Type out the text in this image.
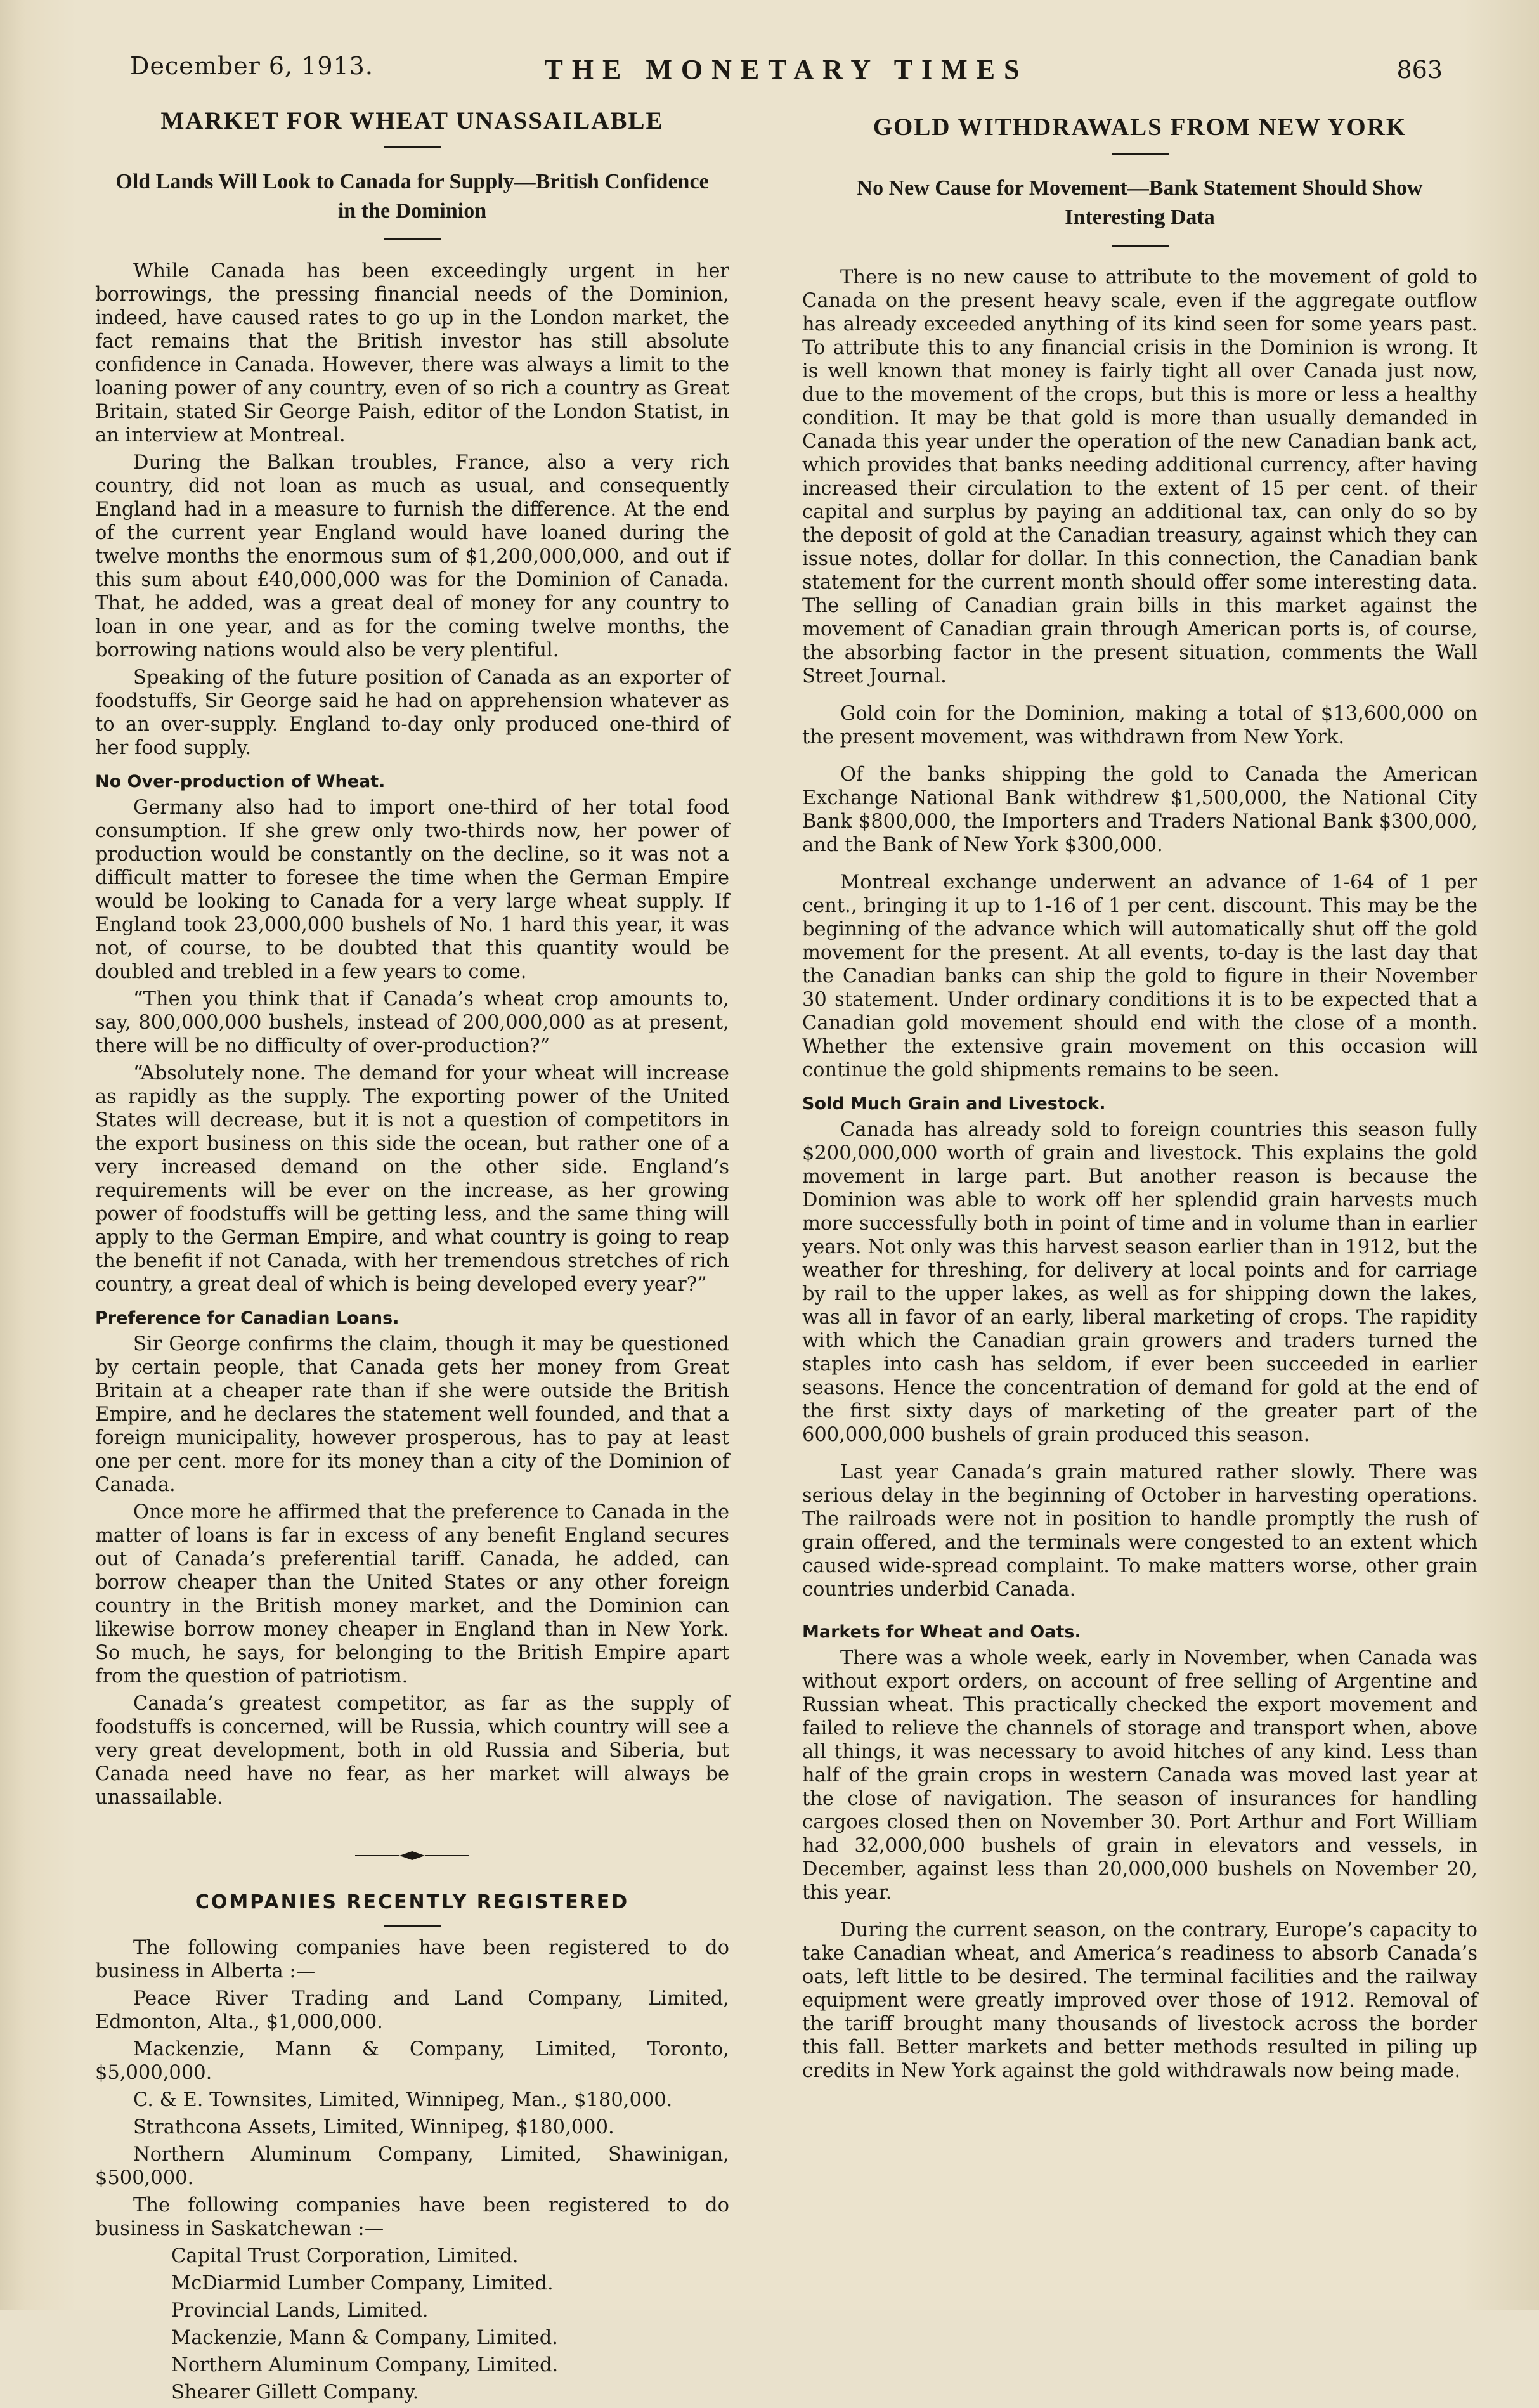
December 6, 1913.	THE MONETARY TIMES	863
MARKET FOR WHEAT UNASSAILABLE
Old Lands Will Look to Canada for Supply—British Confidence in the Dominion

While Canada has been exceedingly urgent in her borrowings, the pressing financial needs of the Dominion, indeed, have caused rates to go up in the London market, the fact remains that the British investor has still absolute confidence in Canada. However, there was always a limit to the loaning power of any country, even of so rich a country as Great Britain, stated Sir George Paish, editor of the London Statist, in an interview at Montreal.

During the Balkan troubles, France, also a very rich country, did not loan as much as usual, and consequently England had in a measure to furnish the difference. At the end of the current year England would have loaned during the twelve months the enormous sum of $1,200,000,000, and out if this sum about £40,000,000 was for the Dominion of Canada. That, he added, was a great deal of money for any country to loan in one year, and as for the coming twelve months, the borrowing nations would also be very plentiful.

Speaking of the future position of Canada as an exporter of foodstuffs, Sir George said he had on apprehension whatever as to an over-supply. England to-day only produced one-third of her food supply.

No Over-production of Wheat.

Germany also had to import one-third of her total food consumption. If she grew only two-thirds now, her power of production would be constantly on the decline, so it was not a difficult matter to foresee the time when the German Empire would be looking to Canada for a very large wheat supply. If England took 23,000,000 bushels of No. 1 hard this year, it was not, of course, to be doubted that this quantity would be doubled and trebled in a few years to come.

“Then you think that if Canada’s wheat crop amounts to, say, 800,000,000 bushels, instead of 200,000,000 as at present, there will be no difficulty of over-production?”

“Absolutely none. The demand for your wheat will increase as rapidly as the supply. The exporting power of the United States will decrease, but it is not a question of competitors in the export business on this side the ocean, but rather one of a very increased demand on the other side. England’s requirements will be ever on the increase, as her growing power of foodstuffs will be getting less, and the same thing will apply to the German Empire, and what country is going to reap the benefit if not Canada, with her tremendous stretches of rich country, a great deal of which is being developed every year?”

Preference for Canadian Loans.

Sir George confirms the claim, though it may be questioned by certain people, that Canada gets her money from Great Britain at a cheaper rate than if she were outside the British Empire, and he declares the statement well founded, and that a foreign municipality, however prosperous, has to pay at least one per cent. more for its money than a city of the Dominion of Canada.

Once more he affirmed that the preference to Canada in the matter of loans is far in excess of any benefit England secures out of Canada’s preferential tariff. Canada, he added, can borrow cheaper than the United States or any other foreign country in the British money market, and the Dominion can likewise borrow money cheaper in England than in New York. So much, he says, for belonging to the British Empire apart from the question of patriotism.

Canada’s greatest competitor, as far as the supply of foodstuffs is concerned, will be Russia, which country will see a very great development, both in old Russia and Siberia, but Canada need have no fear, as her market will always be unassailable.

COMPANIES RECENTLY REGISTERED

The following companies have been registered to do business in Alberta :—

Peace River Trading and Land Company, Limited, Edmonton, Alta., $1,000,000.

Mackenzie, Mann & Company, Limited, Toronto, $5,000,000.

C. & E. Townsites, Limited, Winnipeg, Man., $180,000.

Strathcona Assets, Limited, Winnipeg, $180,000.

Northern Aluminum Company, Limited, Shawinigan, $500,000.

The following companies have been registered to do business in Saskatchewan :—

Capital Trust Corporation, Limited.

McDiarmid Lumber Company, Limited.

Provincial Lands, Limited.

Mackenzie, Mann & Company, Limited.

Northern Aluminum Company, Limited.

Shearer Gillett Company.

GOLD WITHDRAWALS FROM NEW YORK
No New Cause for Movement—Bank Statement Should Show Interesting Data

There is no new cause to attribute to the movement of gold to Canada on the present heavy scale, even if the aggregate outflow has already exceeded anything of its kind seen for some years past. To attribute this to any financial crisis in the Dominion is wrong. It is well known that money is fairly tight all over Canada just now, due to the movement of the crops, but this is more or less a healthy condition. It may be that gold is more than usually demanded in Canada this year under the operation of the new Canadian bank act, which provides that banks needing additional currency, after having increased their circulation to the extent of 15 per cent. of their capital and surplus by paying an additional tax, can only do so by the deposit of gold at the Canadian treasury, against which they can issue notes, dollar for dollar. In this connection, the Canadian bank statement for the current month should offer some interesting data. The selling of Canadian grain bills in this market against the movement of Canadian grain through American ports is, of course, the absorbing factor in the present situation, comments the Wall Street Journal.

Gold coin for the Dominion, making a total of $13,600,000 on the present movement, was withdrawn from New York.

Of the banks shipping the gold to Canada the American Exchange National Bank withdrew $1,500,000, the National City Bank $800,000, the Importers and Traders National Bank $300,000, and the Bank of New York $300,000.

Montreal exchange underwent an advance of 1-64 of 1 per cent., bringing it up to 1-16 of 1 per cent. discount. This may be the beginning of the advance which will automatically shut off the gold movement for the present. At all events, to-day is the last day that the Canadian banks can ship the gold to figure in their November 30 statement. Under ordinary conditions it is to be expected that a Canadian gold movement should end with the close of a month. Whether the extensive grain movement on this occasion will continue the gold shipments remains to be seen.

Sold Much Grain and Livestock.

Canada has already sold to foreign countries this season fully $200,000,000 worth of grain and livestock. This explains the gold movement in large part. But another reason is because the Dominion was able to work off her splendid grain harvests much more successfully both in point of time and in volume than in earlier years. Not only was this harvest season earlier than in 1912, but the weather for threshing, for delivery at local points and for carriage by rail to the upper lakes, as well as for shipping down the lakes, was all in favor of an early, liberal marketing of crops. The rapidity with which the Canadian grain growers and traders turned the staples into cash has seldom, if ever been succeeded in earlier seasons. Hence the concentration of demand for gold at the end of the first sixty days of marketing of the greater part of the 600,000,000 bushels of grain produced this season.

Last year Canada’s grain matured rather slowly. There was serious delay in the beginning of October in harvesting operations. The railroads were not in position to handle promptly the rush of grain offered, and the terminals were congested to an extent which caused wide-spread complaint. To make matters worse, other grain countries underbid Canada.

Markets for Wheat and Oats.

There was a whole week, early in November, when Canada was without export orders, on account of free selling of Argentine and Russian wheat. This practically checked the export movement and failed to relieve the channels of storage and transport when, above all things, it was necessary to avoid hitches of any kind. Less than half of the grain crops in western Canada was moved last year at the close of navigation. The season of insurances for handling cargoes closed then on November 30. Port Arthur and Fort William had 32,000,000 bushels of grain in elevators and vessels, in December, against less than 20,000,000 bushels on November 20, this year.

During the current season, on the contrary, Europe’s capacity to take Canadian wheat, and America’s readiness to absorb Canada’s oats, left little to be desired. The terminal facilities and the railway equipment were greatly improved over those of 1912. Removal of the tariff brought many thousands of livestock across the border this fall. Better markets and better methods resulted in piling up credits in New York against the gold withdrawals now being made.
